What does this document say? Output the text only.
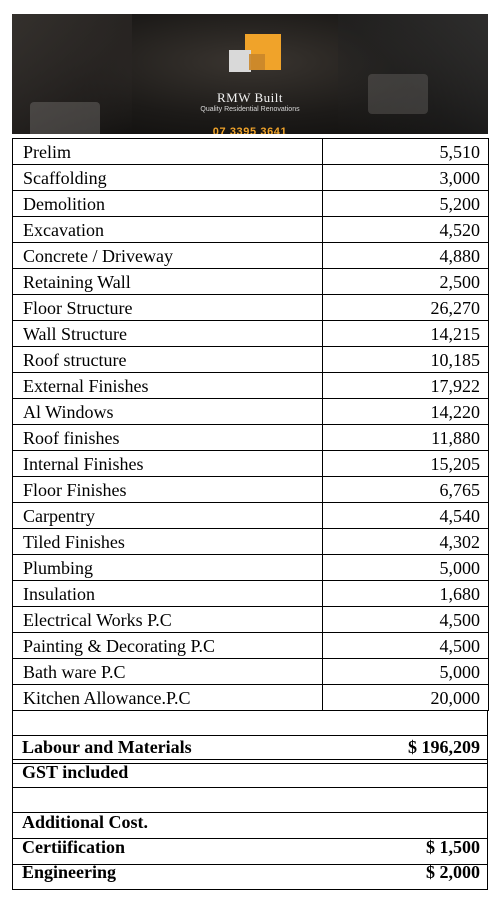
RMW Built
Quality Residential Renovations
07 3395 3641
Prelim	5,510
Scaffolding	3,000
Demolition	5,200
Excavation	4,520
Concrete / Driveway	4,880
Retaining Wall	2,500
Floor Structure	26,270
Wall Structure	14,215
Roof structure	10,185
External Finishes	17,922
Al Windows	14,220
Roof finishes	11,880
Internal Finishes	15,205
Floor Finishes	6,765
Carpentry	4,540
Tiled Finishes	4,302
Plumbing	5,000
Insulation	1,680
Electrical Works P.C	4,500
Painting & Decorating P.C	4,500
Bath ware P.C	5,000
Kitchen Allowance.P.C	20,000

Labour and Materials	$ 196,209
GST included	

Additional Cost.	
Certiification	$ 1,500
Engineering	$ 2,000
